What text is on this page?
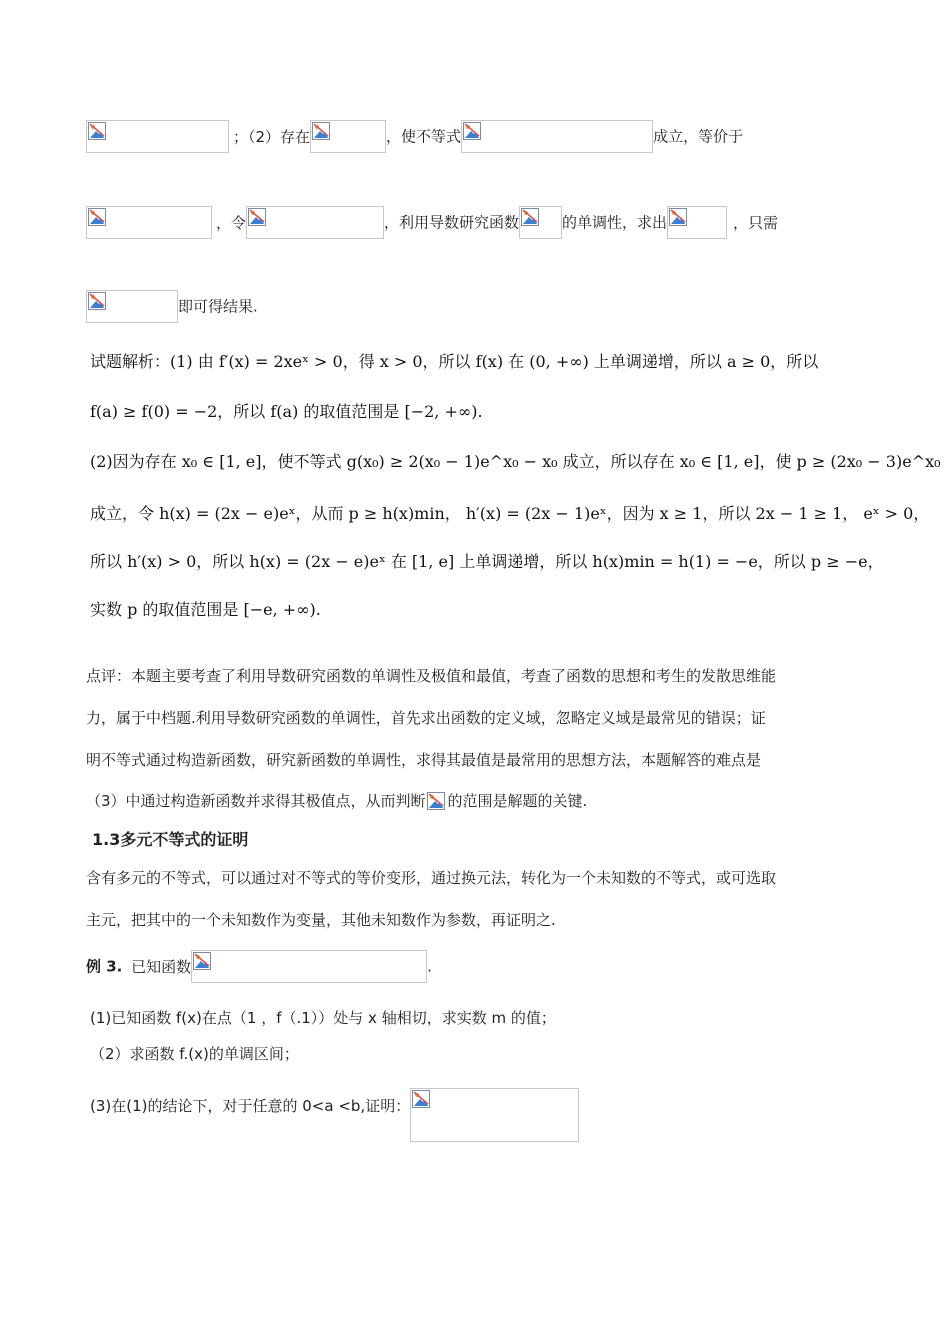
；（2）存在	，使不等式	成立，等价于
，令	，利用导数研究函数	的单调性，求出	，只需
即可得结果.
试题解析：(1) 由 f′(x) = 2xeˣ > 0，得 x > 0，所以 f(x) 在 (0, +∞) 上单调递增，所以 a ≥ 0，所以
f(a) ≥ f(0) = −2，所以 f(a) 的取值范围是 [−2, +∞).
(2)因为存在 x₀ ∈ [1, e]，使不等式 g(x₀) ≥ 2(x₀ − 1)e^x₀ − x₀ 成立，所以存在 x₀ ∈ [1, e]，使 p ≥ (2x₀ − 3)e^x₀
成立，令 h(x) = (2x − e)eˣ，从而 p ≥ h(x)min， h′(x) = (2x − 1)eˣ，因为 x ≥ 1，所以 2x − 1 ≥ 1， eˣ > 0，
所以 h′(x) > 0，所以 h(x) = (2x − e)eˣ 在 [1, e] 上单调递增，所以 h(x)min = h(1) = −e，所以 p ≥ −e，
实数 p 的取值范围是 [−e, +∞).
点评：本题主要考查了利用导数研究函数的单调性及极值和最值，考查了函数的思想和考生的发散思维能
力，属于中档题.利用导数研究函数的单调性，首先求出函数的定义域，忽略定义域是最常见的错误；证
明不等式通过构造新函数，研究新函数的单调性，求得其最值是最常用的思想方法，本题解答的难点是
（3）中通过构造新函数并求得其极值点，从而判断 的范围是解题的关键.
1.3多元不等式的证明
含有多元的不等式，可以通过对不等式的等价变形，通过换元法，转化为一个未知数的不等式，或可选取
主元，把其中的一个未知数作为变量，其他未知数作为参数，再证明之.
例 3. 已知函数	.
(1)已知函数 f(x)在点（1 ，f（.1））处与 x 轴相切，求实数 m 的值；
（2）求函数 f.(x)的单调区间；
(3)在(1)的结论下，对于任意的 0<a <b,证明：
